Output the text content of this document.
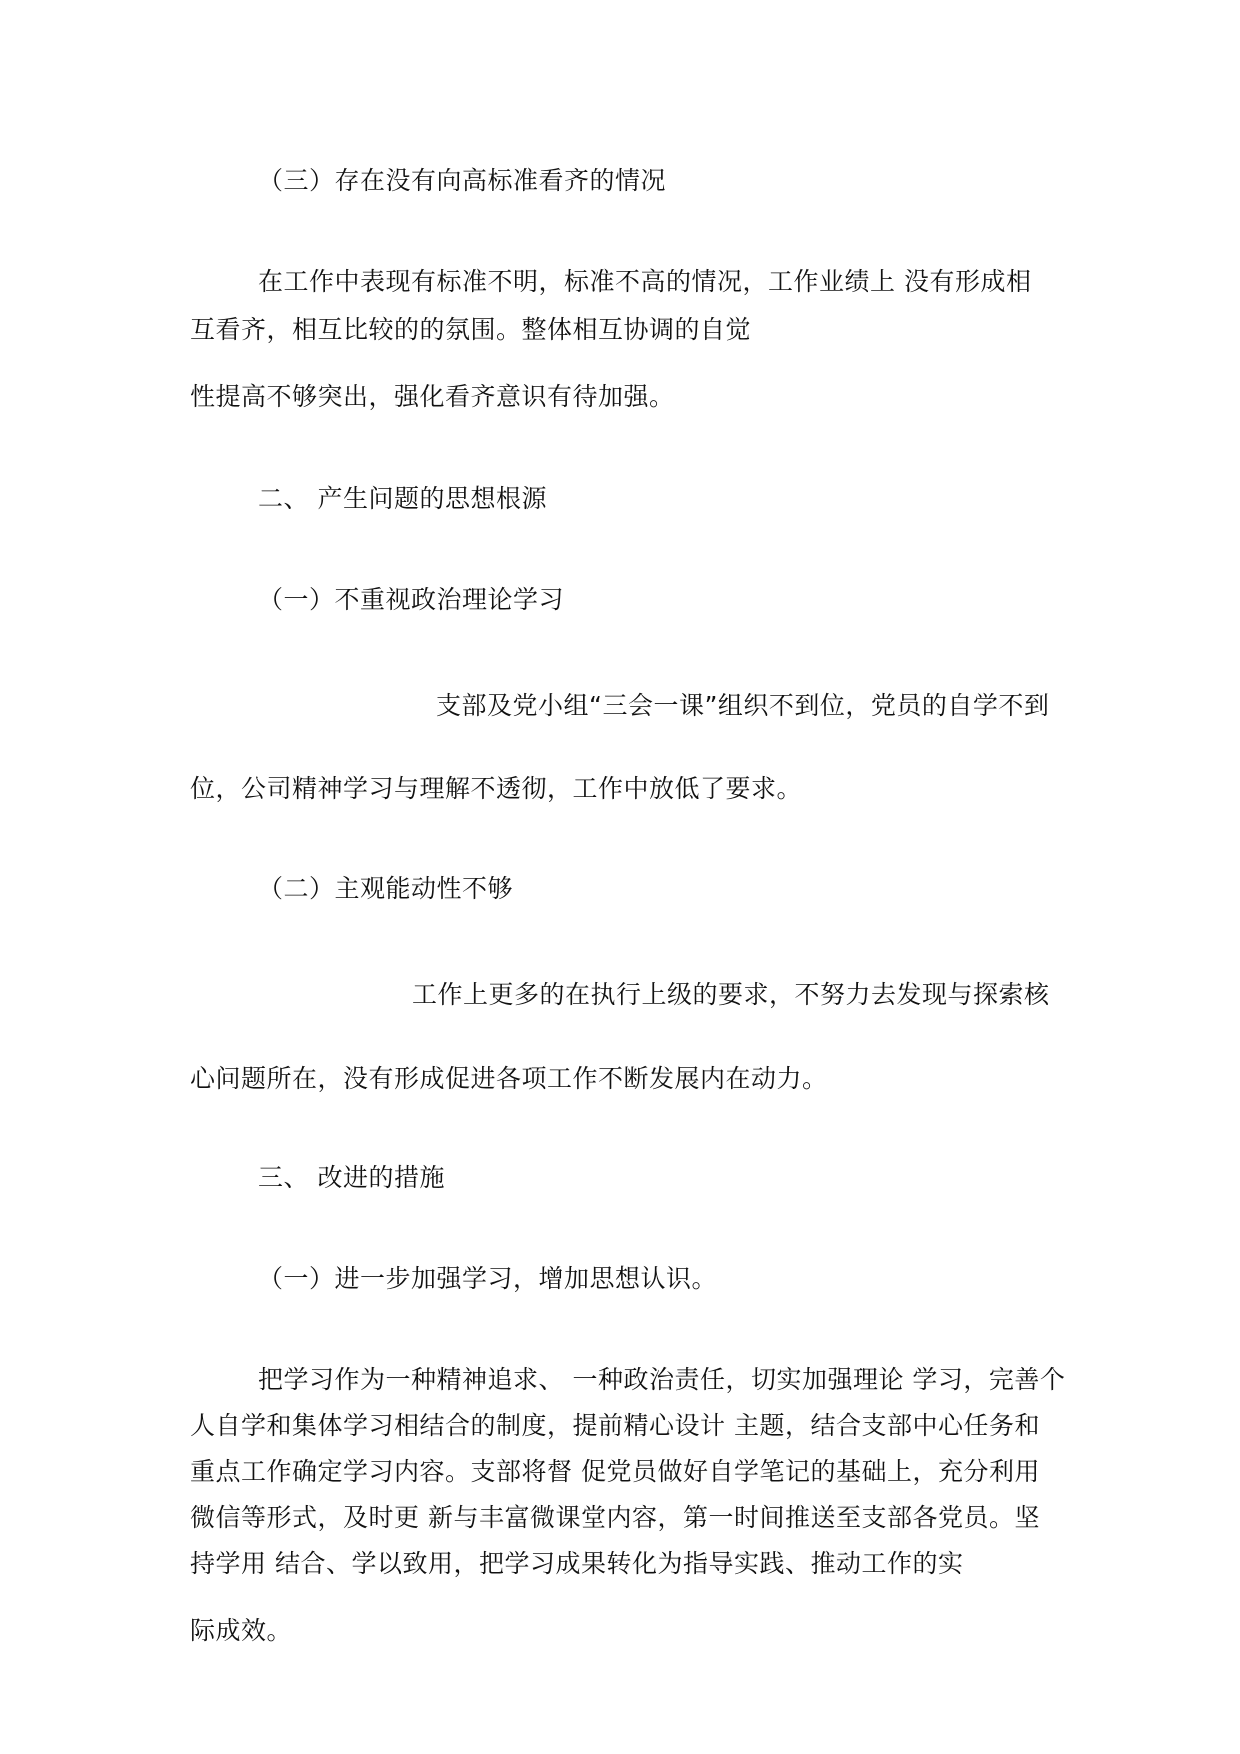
（三）存在没有向高标准看齐的情况
在工作中表现有标准不明，标准不高的情况，工作业绩上 没有形成相
互看齐，相互比较的的氛围。整体相互协调的自觉
性提高不够突出，强化看齐意识有待加强。
二、 产生问题的思想根源
（一）不重视政治理论学习
支部及党小组“三会一课”组织不到位，党员的自学不到
位，公司精神学习与理解不透彻，工作中放低了要求。
（二）主观能动性不够
工作上更多的在执行上级的要求，不努力去发现与探索核
心问题所在，没有形成促进各项工作不断发展内在动力。
三、 改进的措施
（一）进一步加强学习，增加思想认识。
把学习作为一种精神追求、 一种政治责任，切实加强理论 学习，完善个
人自学和集体学习相结合的制度，提前精心设计 主题，结合支部中心任务和
重点工作确定学习内容。支部将督 促党员做好自学笔记的基础上，充分利用
微信等形式，及时更 新与丰富微课堂内容，第一时间推送至支部各党员。坚
持学用 结合、学以致用，把学习成果转化为指导实践、推动工作的实
际成效。
